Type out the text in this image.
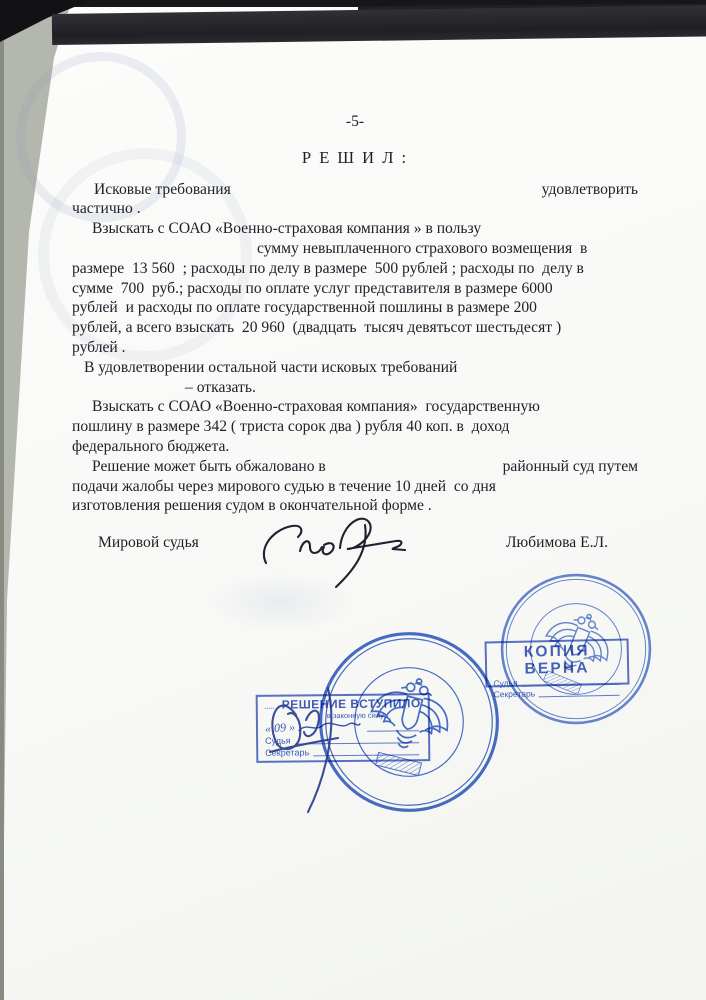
-5-
Р Е Ш И Л :
Исковые требования	удовлетворить
частично .
Взыскать с СОАО «Военно-страховая компания » в пользу
сумму невыплаченного страхового возмещения  в
размере  13 560  ; расходы по делу в размере  500 рублей ; расходы по  делу в
сумме  700  руб.; расходы по оплате услуг представителя в размере 6000
рублей  и расходы по оплате государственной пошлины в размере 200
рублей, а всего взыскать  20 960  (двадцать  тысяч девятьсот шестьдесят )
рублей .
В удовлетворении остальной части исковых требований
– отказать.
Взыскать с СОАО «Военно-страховая компания»  государственную
пошлину в размере 342 ( триста сорок два ) рубля 40 коп. в  доход
федерального бюджета.
Решение может быть обжаловано в	районный суд путем
подачи жалобы через мирового судью в течение 10 дней  со дня
изготовления решения судом в окончательной форме .
Мировой судья	Любимова Е.Л.
КОПИЯ ВЕРНА
Судья
Секретарь
РЕШЕНИЕ ВСТУПИЛО
в законную силу
« 09 »
Судья
Секретарь
